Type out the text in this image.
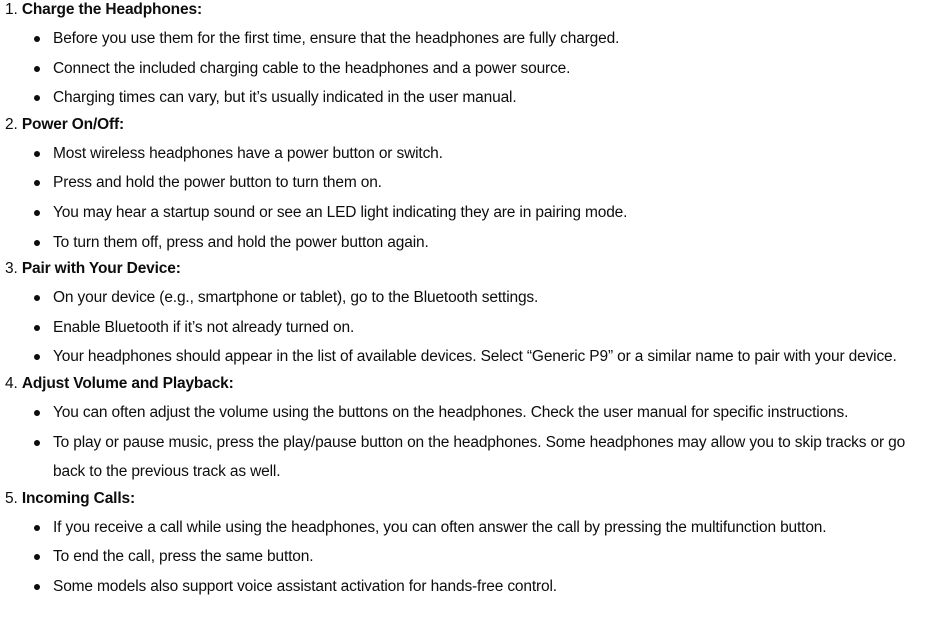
1. Charge the Headphones:
Before you use them for the first time, ensure that the headphones are fully charged.
Connect the included charging cable to the headphones and a power source.
Charging times can vary, but it’s usually indicated in the user manual.
2. Power On/Off:
Most wireless headphones have a power button or switch.
Press and hold the power button to turn them on.
You may hear a startup sound or see an LED light indicating they are in pairing mode.
To turn them off, press and hold the power button again.
3. Pair with Your Device:
On your device (e.g., smartphone or tablet), go to the Bluetooth settings.
Enable Bluetooth if it’s not already turned on.
Your headphones should appear in the list of available devices. Select “Generic P9” or a similar name to pair with your device.
4. Adjust Volume and Playback:
You can often adjust the volume using the buttons on the headphones. Check the user manual for specific instructions.
To play or pause music, press the play/pause button on the headphones. Some headphones may allow you to skip tracks or go back to the previous track as well.
5. Incoming Calls:
If you receive a call while using the headphones, you can often answer the call by pressing the multifunction button.
To end the call, press the same button.
Some models also support voice assistant activation for hands-free control.
